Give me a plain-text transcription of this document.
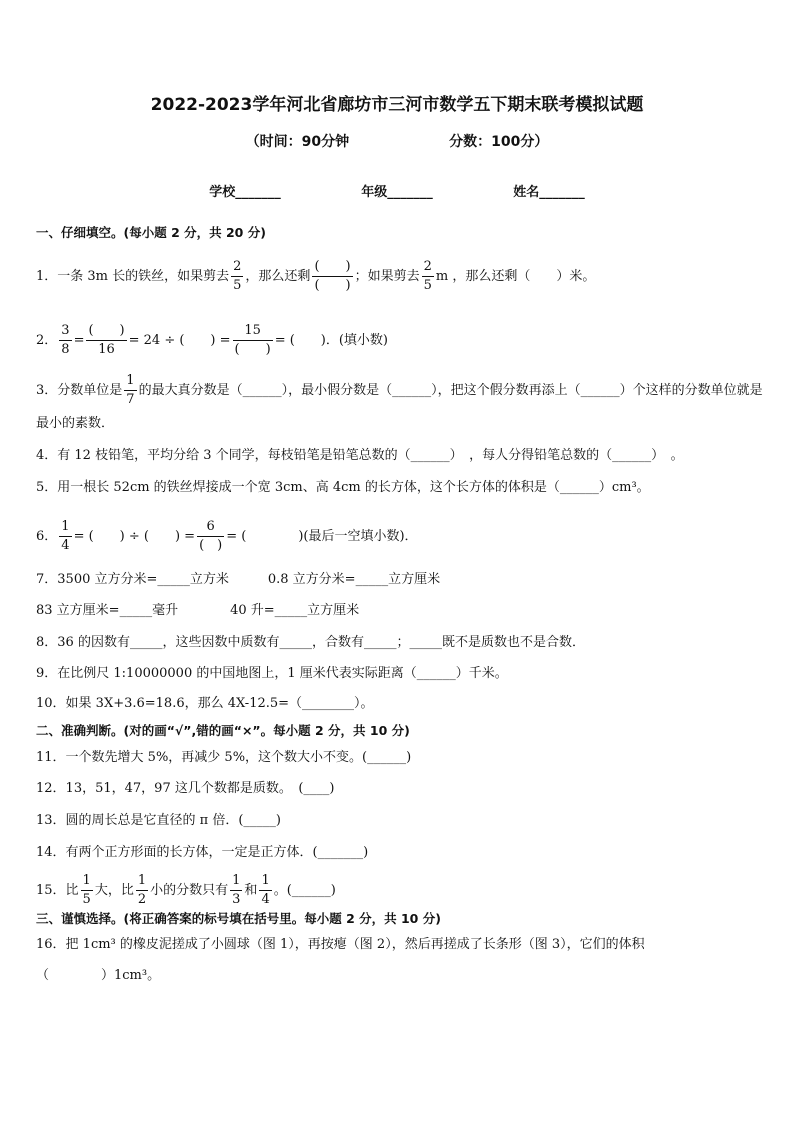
2022-2023学年河北省廊坊市三河市数学五下期末联考模拟试题
（时间：90分钟	分数：100分）
学校_______	年级_______	姓名_______
一、仔细填空。(每小题 2 分，共 20 分)
1．一条 3m 长的铁丝，如果剪去 $\frac{2}{5}$ ，那么还剩 $\frac{( )}{( )}$ ；如果剪去 $\frac{2}{5}$ m ，那么还剩（　　）米。
2． $\frac{3}{8} = \frac{( )}{16} = 24$ ÷ (　　) = $\frac{15}{( )}$ = (　　)．(填小数)
3．分数单位是 $\frac{1}{7}$ 的最大真分数是（______），最小假分数是（______），把这个假分数再添上（______）个这样的分数单位就是最小的素数．
4．有 12 枝铅笔，平均分给 3 个同学，每枝铅笔是铅笔总数的（______）　，每人分得铅笔总数的（______）　。
5．用一根长 52cm 的铁丝焊接成一个宽 3cm、高 4cm 的长方体，这个长方体的体积是（______）cm³。
6． $\frac{1}{4}$ = (　　) ÷ (　　) = $\frac{6}{( )}$ = (　　　　)(最后一空填小数)．
7．3500 立方分米=_____立方米　　　0.8 立方分米=_____立方厘米
83 立方厘米=_____毫升　　　　40 升=_____立方厘米
8．36 的因数有_____，这些因数中质数有_____，合数有_____；_____既不是质数也不是合数．
9．在比例尺 1:10000000 的中国地图上，1 厘米代表实际距离（______）千米。
10．如果 3X+3.6=18.6，那么 4X-12.5=（________）。
二、准确判断。(对的画“√”,错的画“×”。每小题 2 分，共 10 分)
11．一个数先增大 5%，再减少 5%，这个数大小不变。(______)
12．13，51，47，97 这几个数都是质数。　(____)
13．圆的周长总是它直径的 π 倍．(_____)
14．有两个正方形面的长方体，一定是正方体．(_______)
15．比 $\frac{1}{5}$ 大，比 $\frac{1}{2}$ 小的分数只有 $\frac{1}{3}$ 和 $\frac{1}{4}$ 。(______)
三、谨慎选择。(将正确答案的标号填在括号里。每小题 2 分，共 10 分)
16．把 1cm³ 的橡皮泥搓成了小圆球（图 1），再按瘪（图 2），然后再搓成了长条形（图 3），它们的体积
（　　　　）1cm³。
